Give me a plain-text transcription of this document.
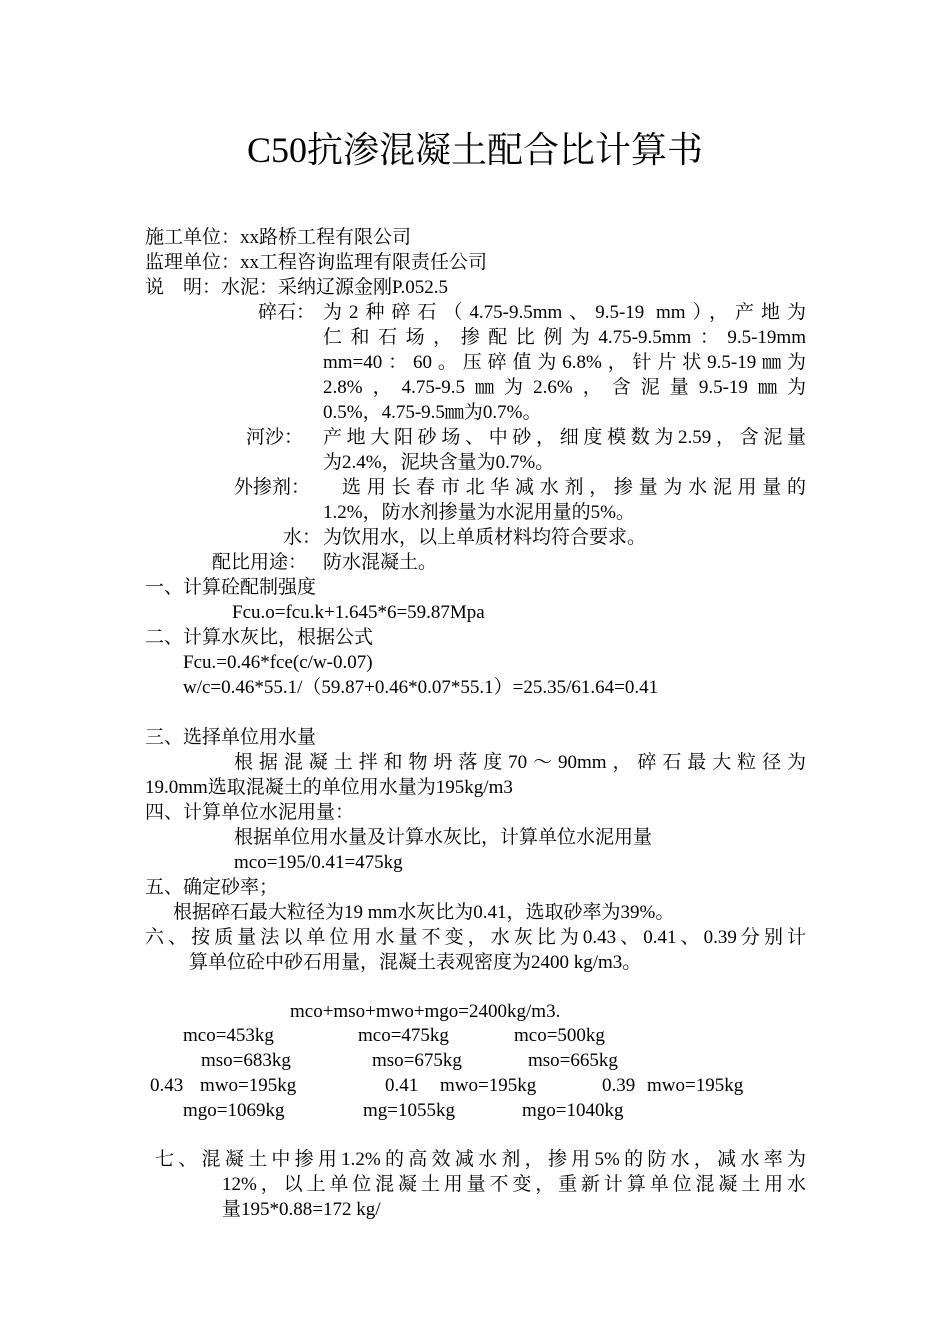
C50抗渗混凝土配合比计算书
施工单位：xx路桥工程有限公司
监理单位：xx工程咨询监理有限责任公司
说　明：水泥：采纳辽源金刚P.052.5
碎石： 为2种碎石（4.75-9.5mm、9.5-19 mm），产地为
仁和石场，掺配比例为4.75-9.5mm：9.5-19mm
mm=40：60。压碎值为6.8%，针片状9.5-19㎜为
2.8%，4.75-9.5㎜为2.6%，含泥量9.5-19㎜为
0.5%，4.75-9.5㎜为0.7%。
河沙： 产地大阳砂场、中砂，细度模数为2.59，含泥量
为2.4%，泥块含量为0.7%。
外掺剂： 选用长春市北华减水剂，掺量为水泥用量的
1.2%，防水剂掺量为水泥用量的5%。
水： 为饮用水，以上单质材料均符合要求。
配比用途： 防水混凝土。
一、计算砼配制强度
Fcu.o=fcu.k+1.645*6=59.87Mpa
二、计算水灰比，根据公式
Fcu.=0.46*fce(c/w-0.07)
w/c=0.46*55.1/（59.87+0.46*0.07*55.1）=25.35/61.64=0.41
三、选择单位用水量
根据混凝土拌和物坍落度70～90mm，碎石最大粒径为
19.0mm选取混凝土的单位用水量为195kg/m3
四、计算单位水泥用量：
根据单位用水量及计算水灰比，计算单位水泥用量
mco=195/0.41=475kg
五、确定砂率；
根据碎石最大粒径为19 mm水灰比为0.41，选取砂率为39%。
六、按质量法以单位用水量不变，水灰比为0.43、0.41、0.39分别计
算单位砼中砂石用量，混凝土表观密度为2400 kg/m3。
mco+mso+mwo+mgo=2400kg/m3.
mco=453kg	mco=475kg	mco=500kg
mso=683kg	mso=675kg	mso=665kg
0.43 mwo=195kg	0.41 mwo=195kg	0.39 mwo=195kg
mgo=1069kg	mg=1055kg	mgo=1040kg
七、混凝土中掺用1.2%的高效减水剂，掺用5%的防水，减水率为
12%，以上单位混凝土用量不变，重新计算单位混凝土用水
量195*0.88=172 kg/
